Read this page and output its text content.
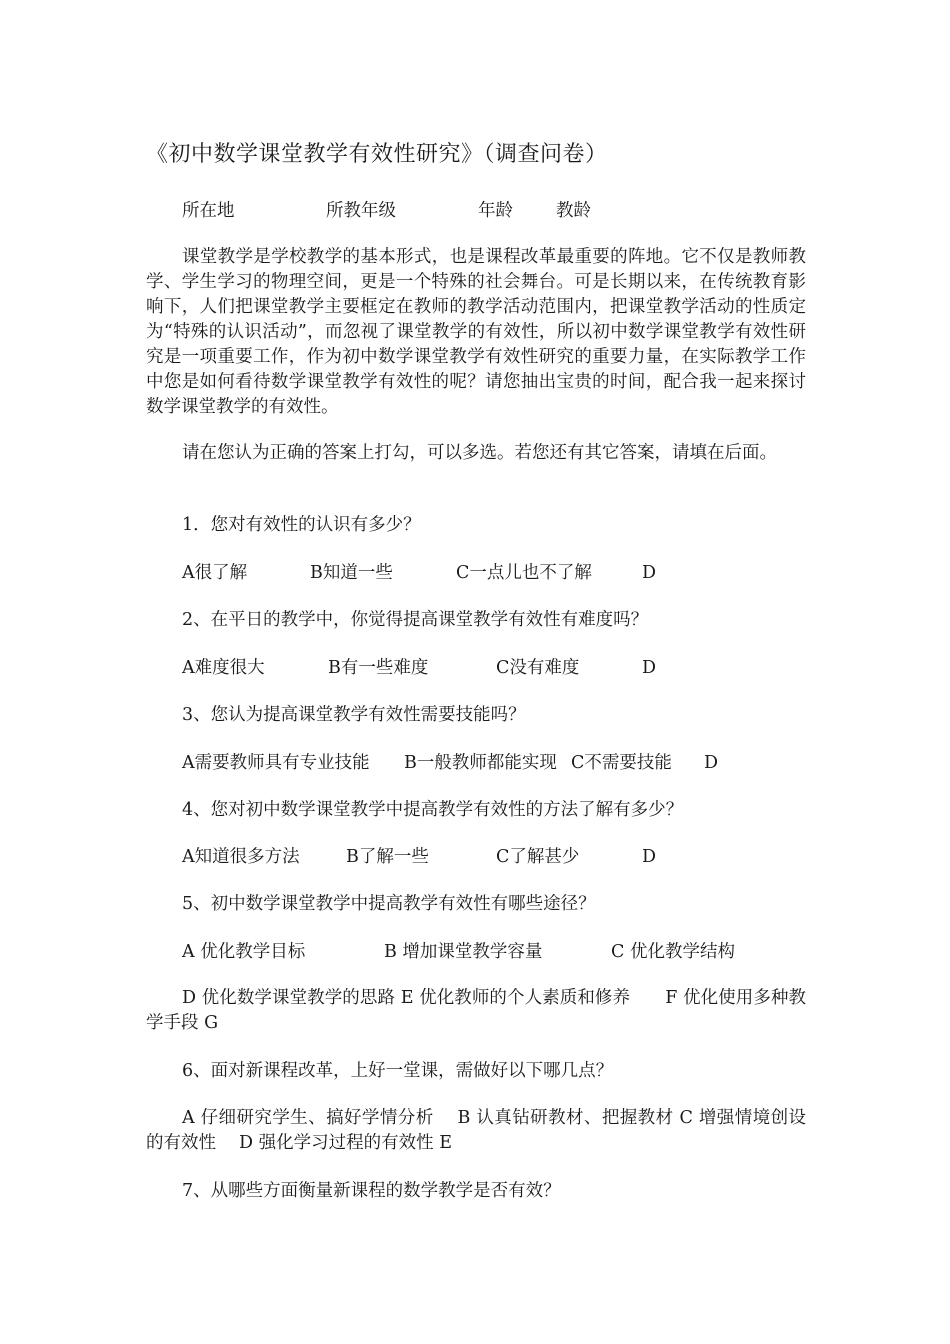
《初中数学课堂教学有效性研究》（调查问卷）
所在地	所教年级	年龄 教龄
课堂教学是学校教学的基本形式，也是课程改革最重要的阵地。它不仅是教师教学、学生学习的物理空间，更是一个特殊的社会舞台。可是长期以来，在传统教育影响下，人们把课堂教学主要框定在教师的教学活动范围内，把课堂教学活动的性质定为“特殊的认识活动”，而忽视了课堂教学的有效性，所以初中数学课堂教学有效性研究是一项重要工作，作为初中数学课堂教学有效性研究的重要力量，在实际教学工作中您是如何看待数学课堂教学有效性的呢？请您抽出宝贵的时间，配合我一起来探讨数学课堂教学的有效性。
请在您认为正确的答案上打勾，可以多选。若您还有其它答案，请填在后面。
1．您对有效性的认识有多少？
A很了解	B知道一些	C一点儿也不了解	D
2、在平日的教学中，你觉得提高课堂教学有效性有难度吗？
A难度很大	B有一些难度	C没有难度	D
3、您认为提高课堂教学有效性需要技能吗？
A需要教师具有专业技能 B一般教师都能实现 C不需要技能 D
4、您对初中数学课堂教学中提高教学有效性的方法了解有多少？
A知道很多方法	B了解一些	C了解甚少	D
5、初中数学课堂教学中提高教学有效性有哪些途径？
A 优化教学目标	B 增加课堂教学容量	C 优化教学结构
D 优化数学课堂教学的思路 E 优化教师的个人素质和修养　　F 优化使用多种教学手段 G
6、面对新课程改革，上好一堂课，需做好以下哪几点？
A 仔细研究学生、搞好学情分析　 B 认真钻研教材、把握教材 C 增强情境创设的有效性　 D 强化学习过程的有效性 E
7、从哪些方面衡量新课程的数学教学是否有效？
